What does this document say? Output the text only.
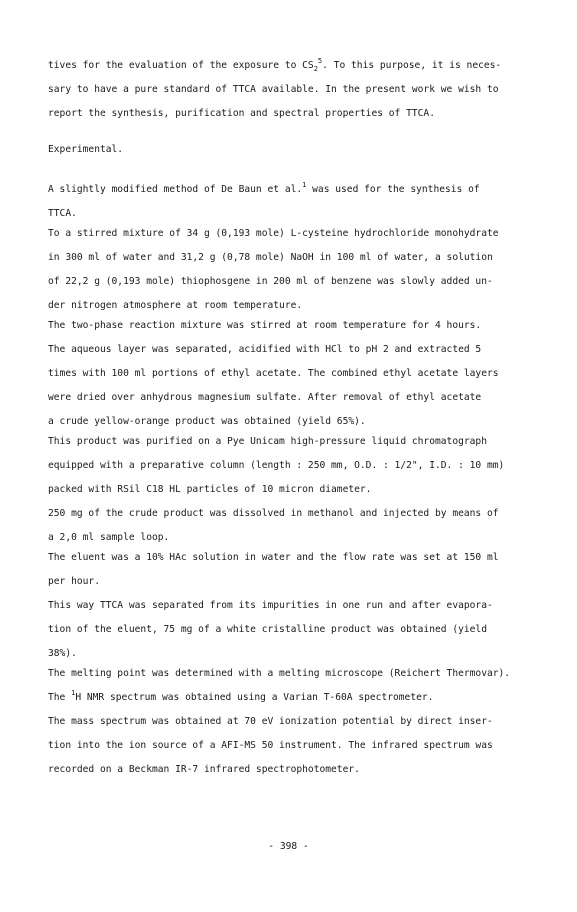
tives for the evaluation of the exposure to $CS_2^5$. To this purpose, it is neces-
sary to have a pure standard of TTCA available. In the present work we wish to
report the synthesis, purification and spectral properties of TTCA.
Experimental.
A slightly modified method of De Baun et al.$^1$ was used for the synthesis of
TTCA.
To a stirred mixture of 34 g (0,193 mole) L-cysteine hydrochloride monohydrate
in 300 ml of water and 31,2 g (0,78 mole) NaOH in 100 ml of water, a solution
of 22,2 g (0,193 mole) thiophosgene in 200 ml of benzene was slowly added un-
der nitrogen atmosphere at room temperature.
The two-phase reaction mixture was stirred at room temperature for 4 hours.
The aqueous layer was separated, acidified with HCl to pH 2 and extracted 5
times with 100 ml portions of ethyl acetate. The combined ethyl acetate layers
were dried over anhydrous magnesium sulfate. After removal of ethyl acetate
a crude yellow-orange product was obtained (yield 65%).
This product was purified on a Pye Unicam high-pressure liquid chromatograph
equipped with a preparative column (length : 250 mm, O.D. : 1/2", I.D. : 10 mm)
packed with RSil C18 HL particles of 10 micron diameter.
250 mg of the crude product was dissolved in methanol and injected by means of
a 2,0 ml sample loop.
The eluent was a 10% HAc solution in water and the flow rate was set at 150 ml
per hour.
This way TTCA was separated from its impurities in one run and after evapora-
tion of the eluent, 75 mg of a white cristalline product was obtained (yield
38%).
The melting point was determined with a melting microscope (Reichert Thermovar).
The $^1$H NMR spectrum was obtained using a Varian T-60A spectrometer.
The mass spectrum was obtained at 70 eV ionization potential by direct inser-
tion into the ion source of a AFI-MS 50 instrument. The infrared spectrum was
recorded on a Beckman IR-7 infrared spectrophotometer.
- 398 -
